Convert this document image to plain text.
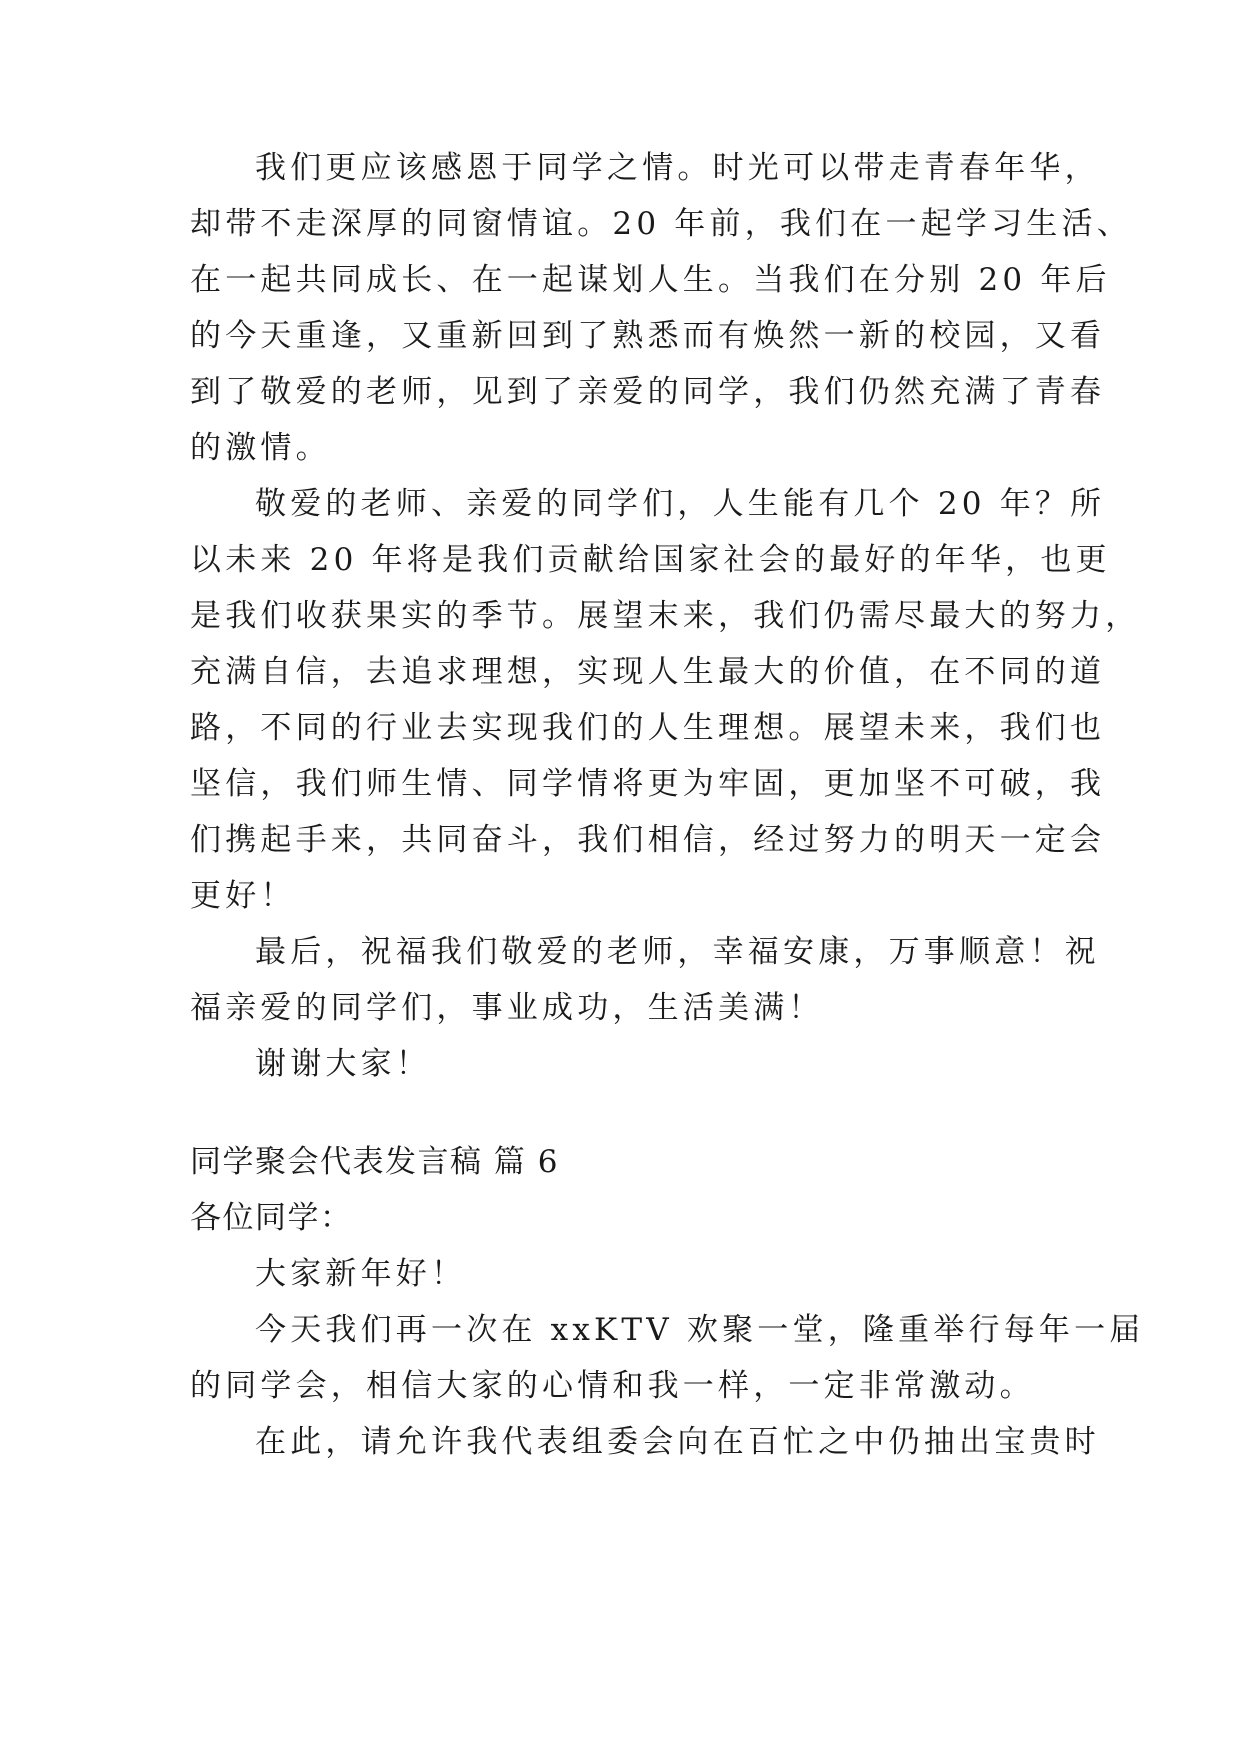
我们更应该感恩于同学之情。时光可以带走青春年华，
却带不走深厚的同窗情谊。20 年前，我们在一起学习生活、
在一起共同成长、在一起谋划人生。当我们在分别 20 年后
的今天重逢，又重新回到了熟悉而有焕然一新的校园，又看
到了敬爱的老师，见到了亲爱的同学，我们仍然充满了青春
的激情。
敬爱的老师、亲爱的同学们，人生能有几个 20 年？所
以未来 20 年将是我们贡献给国家社会的最好的年华，也更
是我们收获果实的季节。展望末来，我们仍需尽最大的努力，
充满自信，去追求理想，实现人生最大的价值，在不同的道
路，不同的行业去实现我们的人生理想。展望未来，我们也
坚信，我们师生情、同学情将更为牢固，更加坚不可破，我
们携起手来，共同奋斗，我们相信，经过努力的明天一定会
更好！
最后，祝福我们敬爱的老师，幸福安康，万事顺意！祝
福亲爱的同学们，事业成功，生活美满！
谢谢大家！
同学聚会代表发言稿 篇 6
各位同学：
大家新年好！
今天我们再一次在 xxKTV 欢聚一堂，隆重举行每年一届
的同学会，相信大家的心情和我一样，一定非常激动。
在此，请允许我代表组委会向在百忙之中仍抽出宝贵时
